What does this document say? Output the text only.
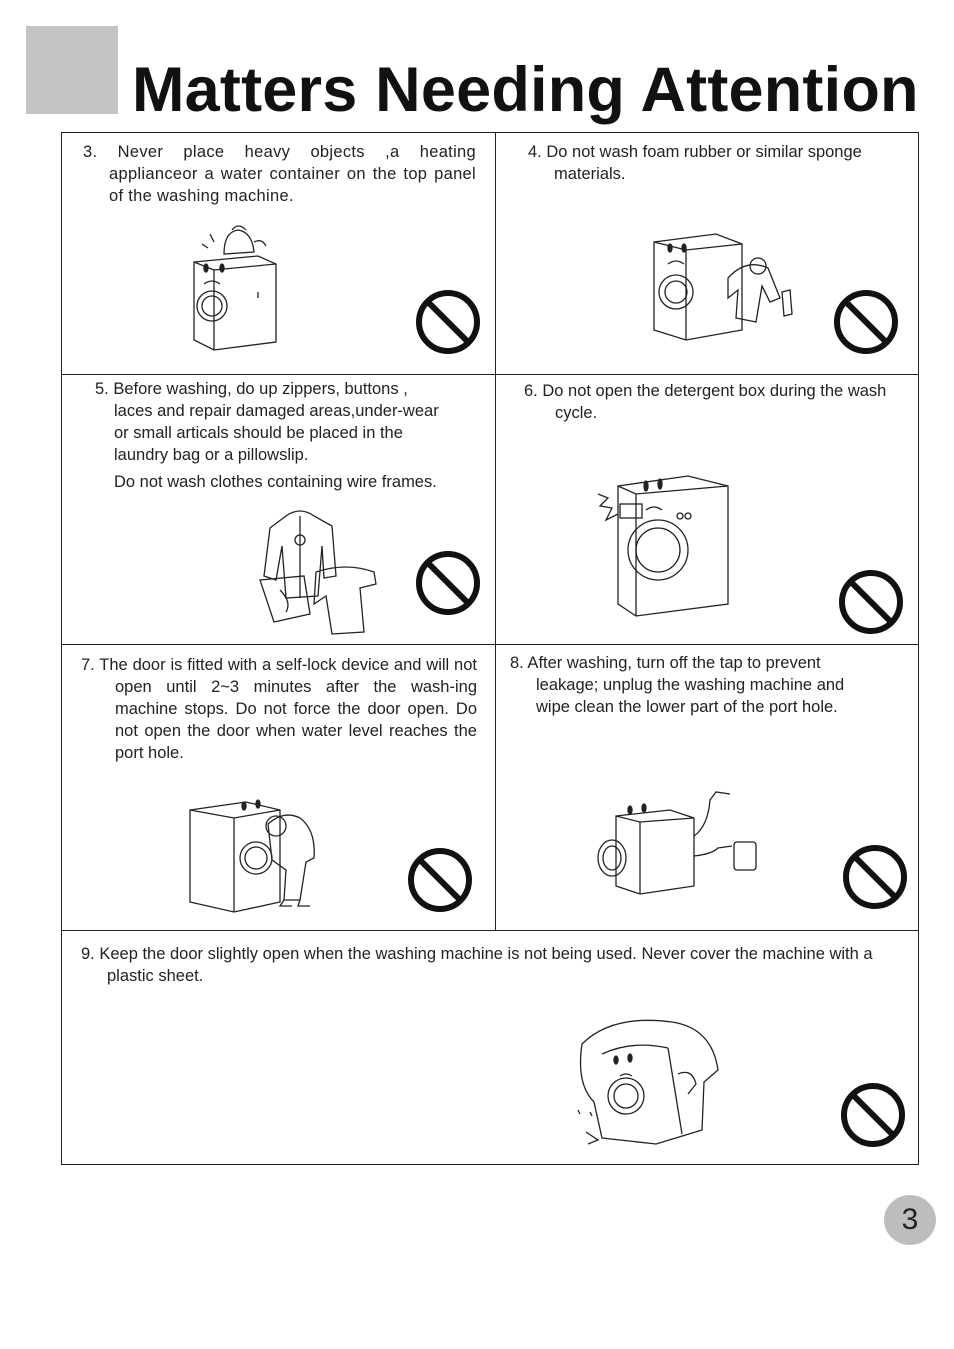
Matters Needing Attention

3. Never place heavy objects ,a heating applianceor a water container on the top panel of the washing machine.

4. Do not wash foam rubber or similar sponge materials.

5. Before washing, do up zippers, buttons , laces and repair damaged areas,under-wear or small articals should be placed in the laundry bag or a pillowslip.

Do not wash clothes containing wire frames.

6. Do not open the detergent box during the wash cycle.

7. The door is fitted with a self-lock device and will not open until 2~3 minutes after the wash-ing machine stops. Do not force the door open. Do not open the door when water level reaches the port hole.

8. After washing, turn off the tap to prevent leakage; unplug the washing machine and wipe clean the lower part of the port hole.

9. Keep the door slightly open when the washing machine is not being used. Never cover the machine with a plastic sheet.

3
